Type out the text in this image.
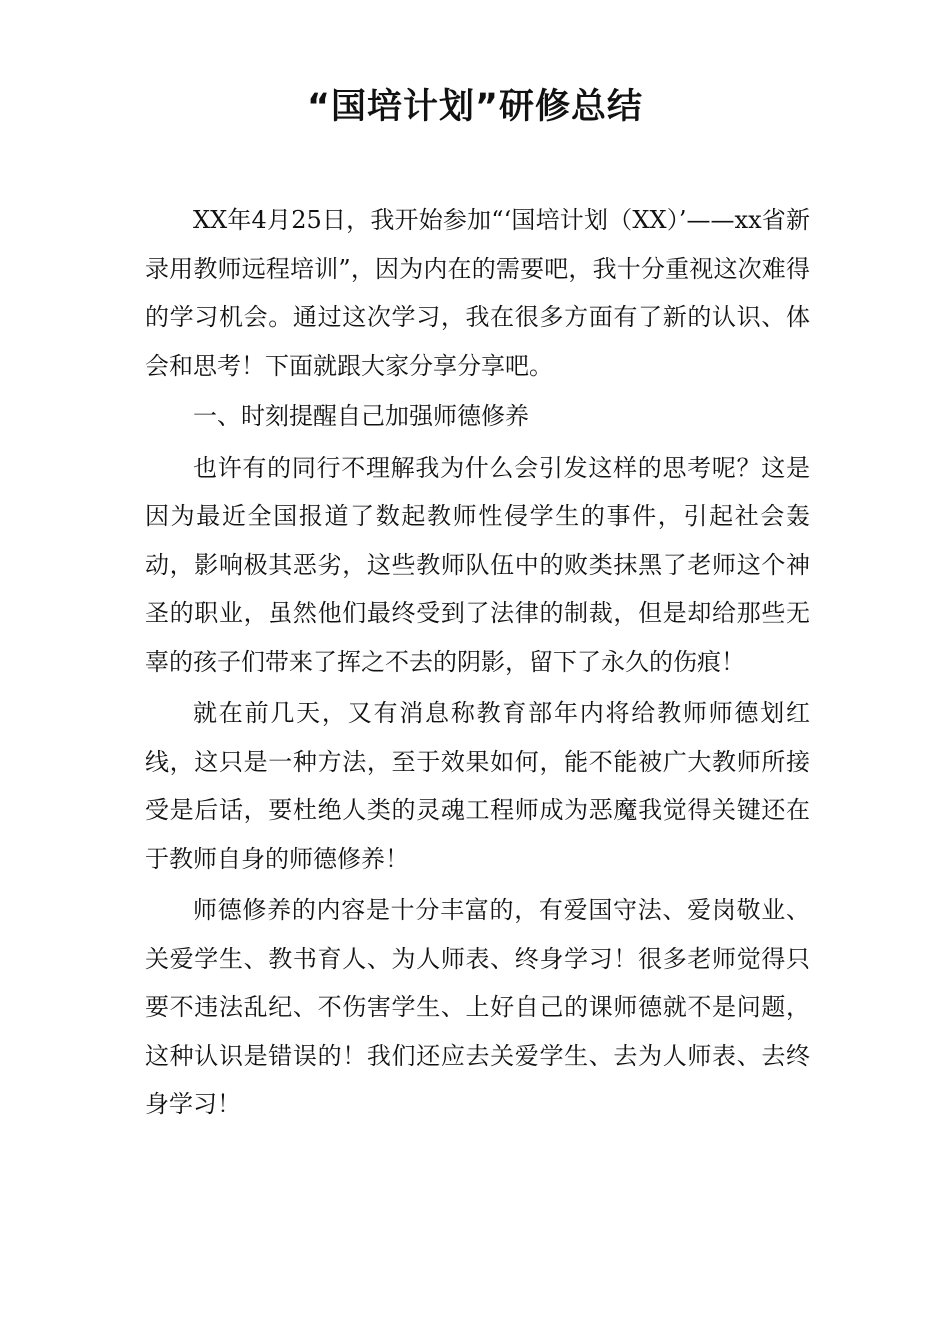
“国培计划”研修总结

XX年4月25日，我开始参加“‘国培计划（XX）’——xx省新录用教师远程培训”，因为内在的需要吧，我十分重视这次难得的学习机会。通过这次学习，我在很多方面有了新的认识、体会和思考！下面就跟大家分享分享吧。

一、时刻提醒自己加强师德修养

也许有的同行不理解我为什么会引发这样的思考呢？这是因为最近全国报道了数起教师性侵学生的事件，引起社会轰动，影响极其恶劣，这些教师队伍中的败类抹黑了老师这个神圣的职业，虽然他们最终受到了法律的制裁，但是却给那些无辜的孩子们带来了挥之不去的阴影，留下了永久的伤痕！

就在前几天，又有消息称教育部年内将给教师师德划红线，这只是一种方法，至于效果如何，能不能被广大教师所接受是后话，要杜绝人类的灵魂工程师成为恶魔我觉得关键还在于教师自身的师德修养！

师德修养的内容是十分丰富的，有爱国守法、爱岗敬业、关爱学生、教书育人、为人师表、终身学习！很多老师觉得只要不违法乱纪、不伤害学生、上好自己的课师德就不是问题，这种认识是错误的！我们还应去关爱学生、去为人师表、去终身学习！
